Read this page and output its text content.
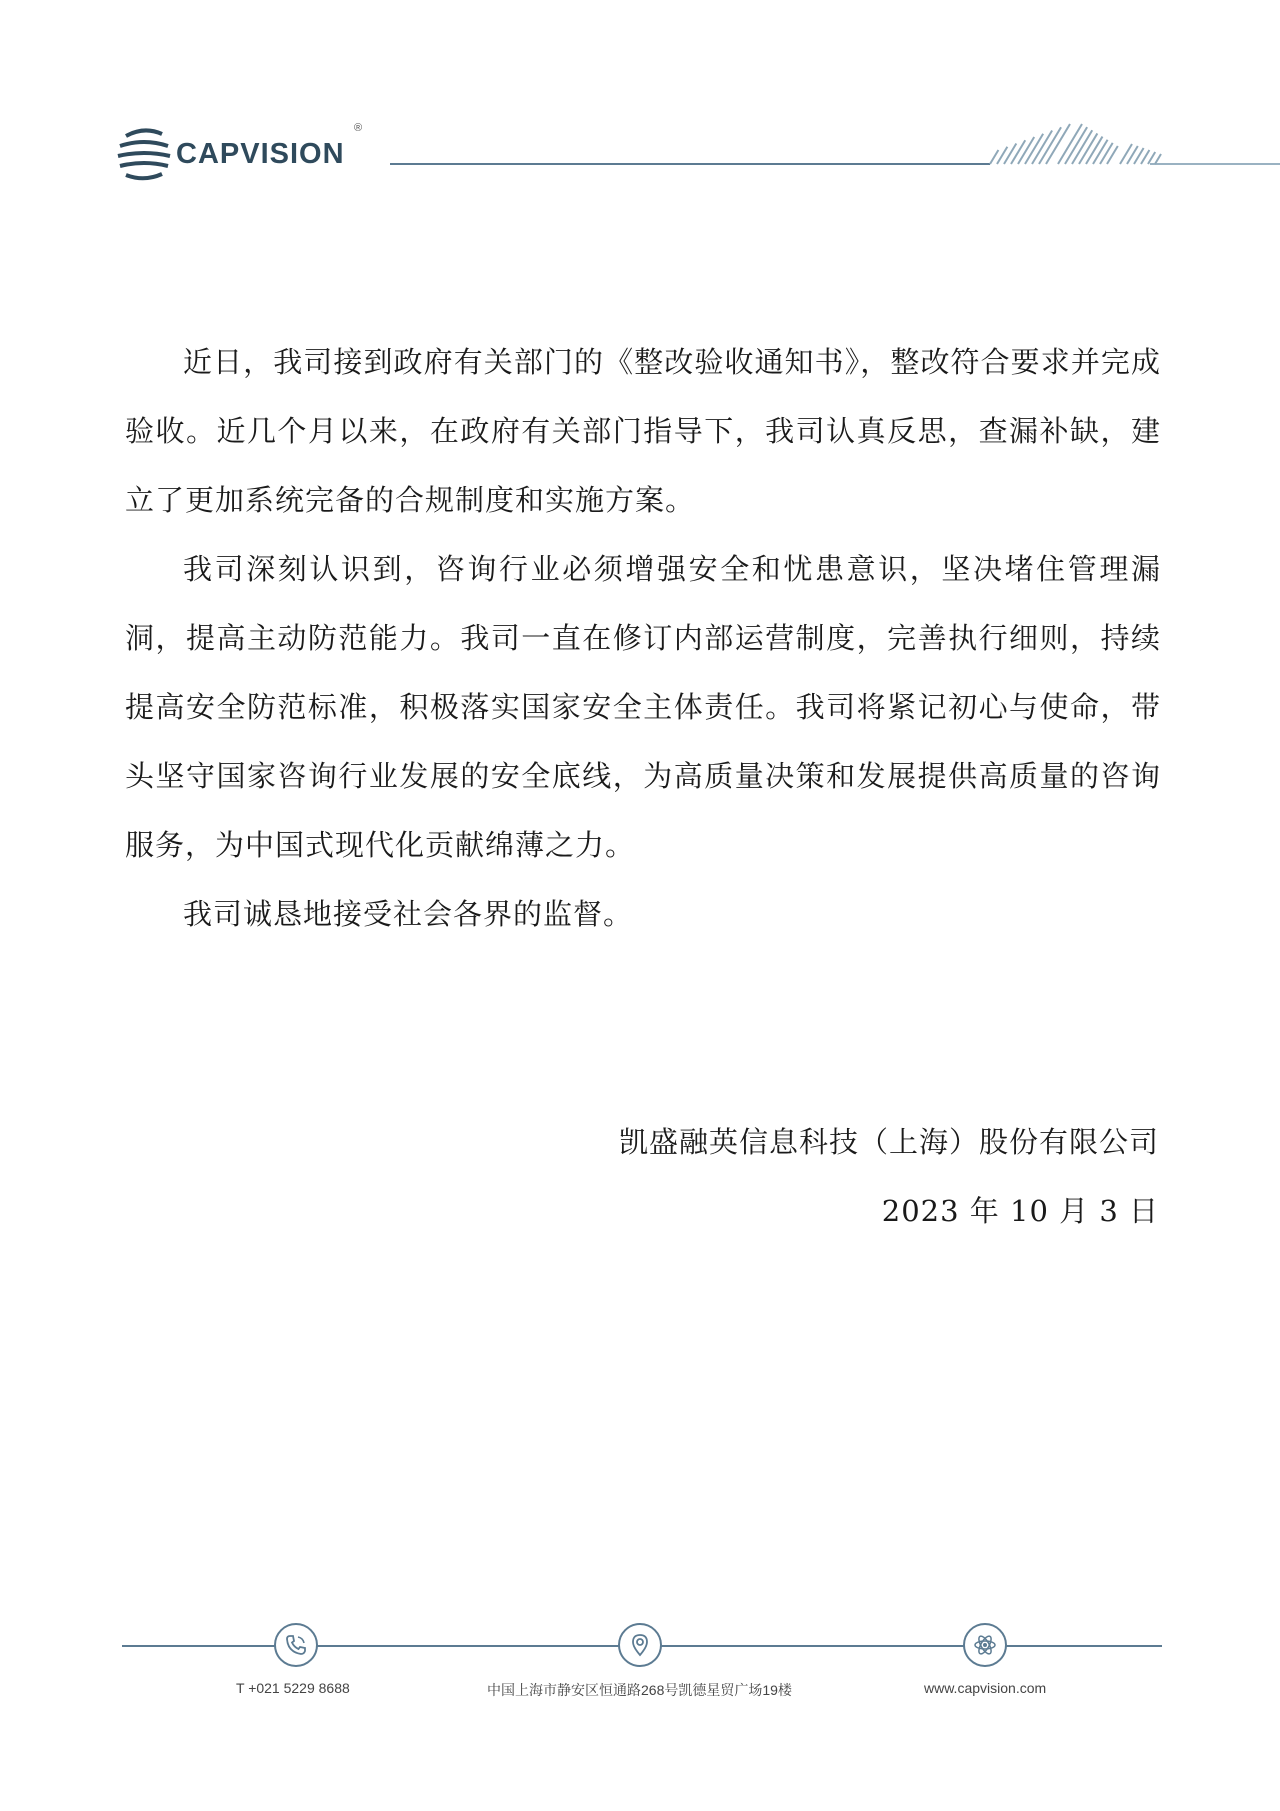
CAPVISION
®

近日，我司接到政府有关部门的《整改验收通知书》，整改符合要求并完成验收。近几个月以来，在政府有关部门指导下，我司认真反思，查漏补缺，建立了更加系统完备的合规制度和实施方案。

我司深刻认识到，咨询行业必须增强安全和忧患意识，坚决堵住管理漏洞，提高主动防范能力。我司一直在修订内部运营制度，完善执行细则，持续提高安全防范标准，积极落实国家安全主体责任。我司将紧记初心与使命，带头坚守国家咨询行业发展的安全底线，为高质量决策和发展提供高质量的咨询服务，为中国式现代化贡献绵薄之力。

我司诚恳地接受社会各界的监督。

凯盛融英信息科技（上海）股份有限公司
2023 年 10 月 3 日
T +021 5229 8688	中国上海市静安区恒通路268号凯德星贸广场19楼	www.capvision.com
